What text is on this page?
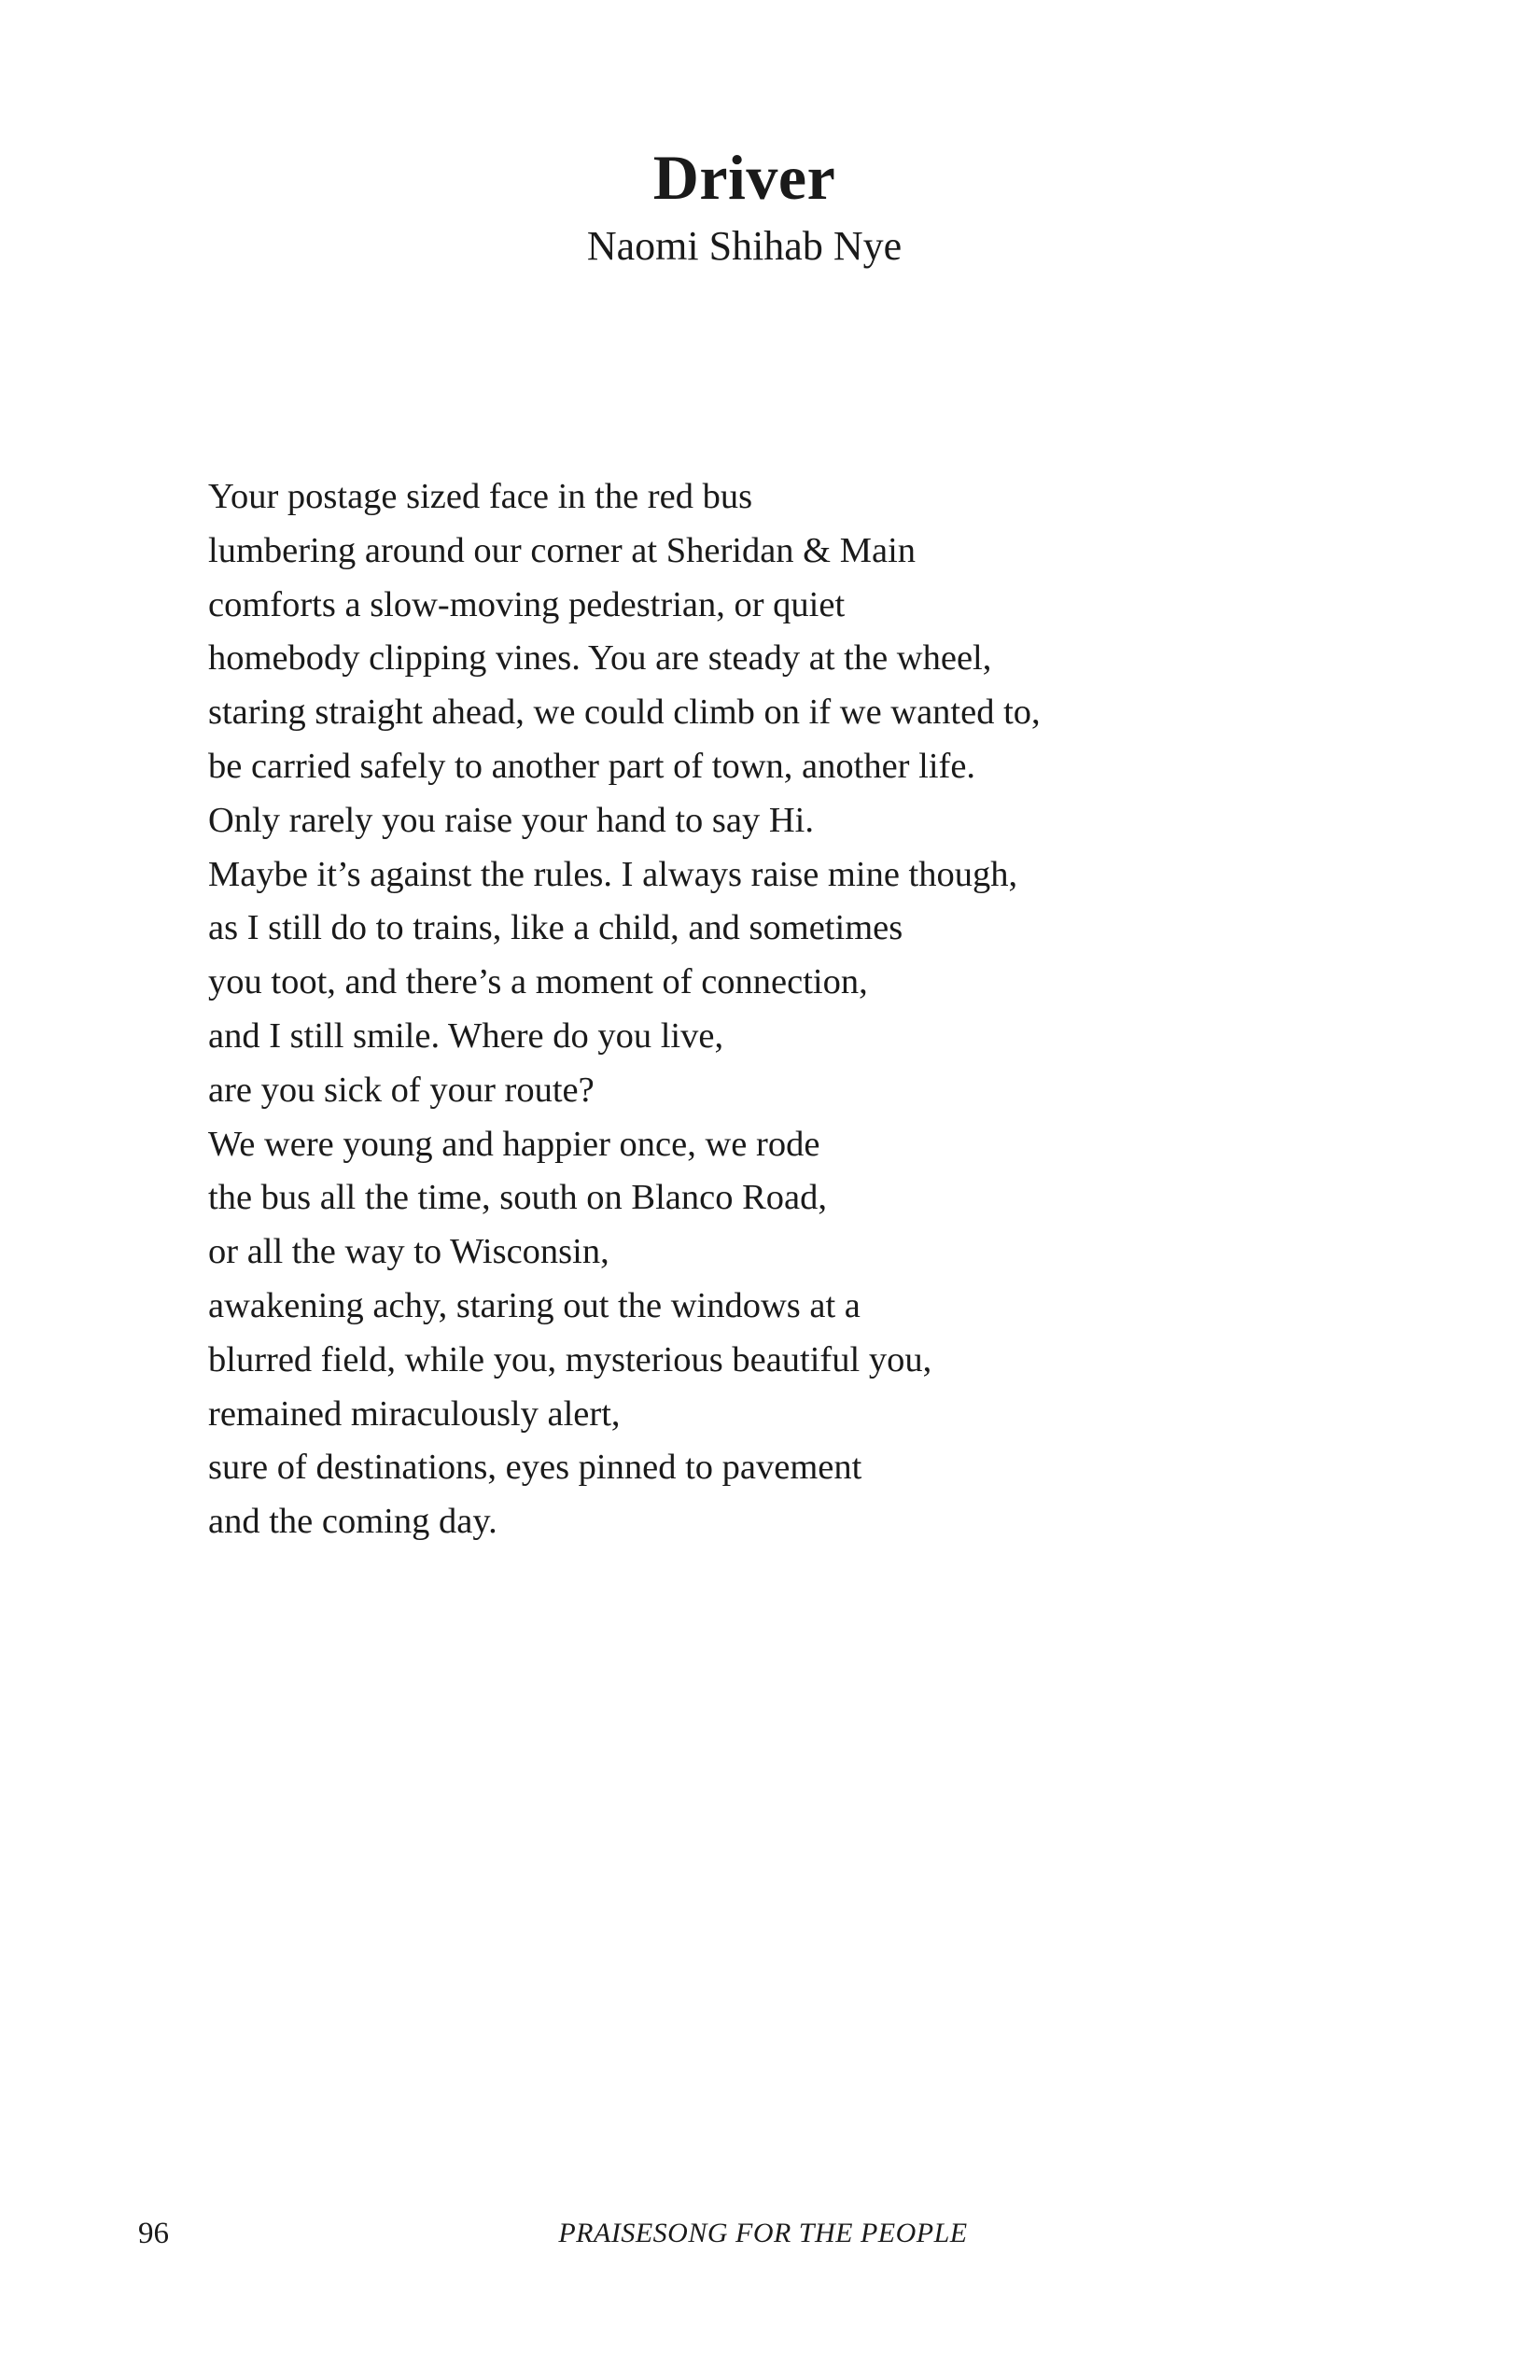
Driver
Naomi Shihab Nye
Your postage sized face in the red bus
lumbering around our corner at Sheridan & Main
comforts a slow-moving pedestrian, or quiet
homebody clipping vines. You are steady at the wheel,
staring straight ahead, we could climb on if we wanted to,
be carried safely to another part of town, another life.
Only rarely you raise your hand to say Hi.
Maybe it’s against the rules. I always raise mine though,
as I still do to trains, like a child, and sometimes
you toot, and there’s a moment of connection,
and I still smile. Where do you live,
are you sick of your route?
We were young and happier once, we rode
the bus all the time, south on Blanco Road,
or all the way to Wisconsin,
awakening achy, staring out the windows at a
blurred field, while you, mysterious beautiful you,
remained miraculously alert,
sure of destinations, eyes pinned to pavement
and the coming day.
96	PRAISESONG FOR THE PEOPLE
